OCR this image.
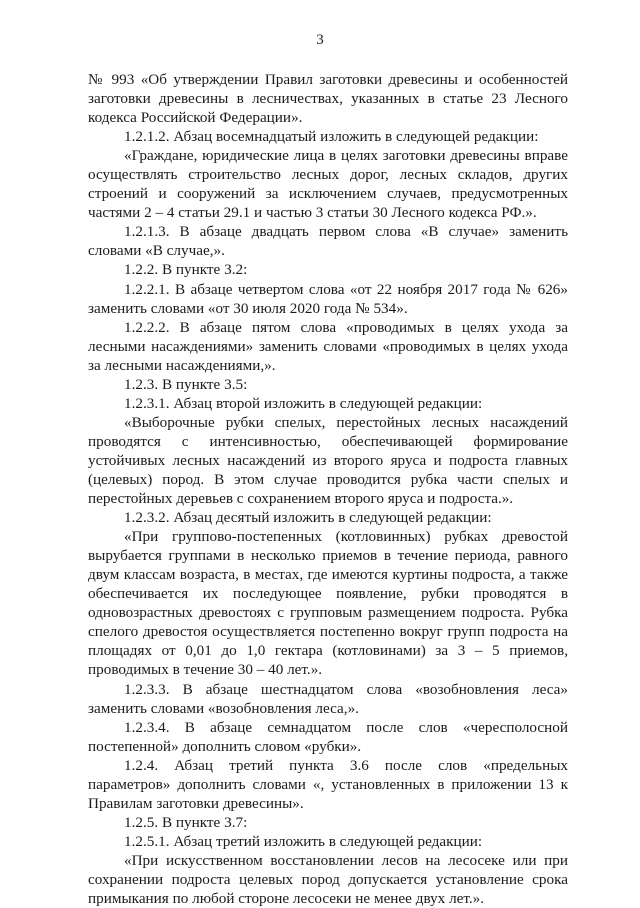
3

№ 993 «Об утверждении Правил заготовки древесины и особенностей заготовки древесины в лесничествах, указанных в статье 23 Лесного кодекса Российской Федерации».

1.2.1.2. Абзац восемнадцатый изложить в следующей редакции:

«Граждане, юридические лица в целях заготовки древесины вправе осуществлять строительство лесных дорог, лесных складов, других строений и сооружений за исключением случаев, предусмотренных частями 2 – 4 статьи 29.1 и частью 3 статьи 30 Лесного кодекса РФ.».

1.2.1.3. В абзаце двадцать первом слова «В случае» заменить словами «В случае,».

1.2.2. В пункте 3.2:

1.2.2.1. В абзаце четвертом слова «от 22 ноября 2017 года № 626» заменить словами «от 30 июля 2020 года № 534».

1.2.2.2. В абзаце пятом слова «проводимых в целях ухода за лесными насаждениями» заменить словами «проводимых в целях ухода за лесными насаждениями,».

1.2.3. В пункте 3.5:

1.2.3.1. Абзац второй изложить в следующей редакции:

«Выборочные рубки спелых, перестойных лесных насаждений проводятся с интенсивностью, обеспечивающей формирование устойчивых лесных насаждений из второго яруса и подроста главных (целевых) пород. В этом случае проводится рубка части спелых и перестойных деревьев с сохранением второго яруса и подроста.».

1.2.3.2. Абзац десятый изложить в следующей редакции:

«При группово-постепенных (котловинных) рубках древостой вырубается группами в несколько приемов в течение периода, равного двум классам возраста, в местах, где имеются куртины подроста, а также обеспечивается их последующее появление, рубки проводятся в одновозрастных древостоях с групповым размещением подроста. Рубка спелого древостоя осуществляется постепенно вокруг групп подроста на площадях от 0,01 до 1,0 гектара (котловинами) за 3 – 5 приемов, проводимых в течение 30 – 40 лет.».

1.2.3.3. В абзаце шестнадцатом слова «возобновления леса» заменить словами «возобновления леса,».

1.2.3.4. В абзаце семнадцатом после слов «чересполосной постепенной» дополнить словом «рубки».

1.2.4. Абзац третий пункта 3.6 после слов «предельных параметров» дополнить словами «, установленных в приложении 13 к Правилам заготовки древесины».

1.2.5. В пункте 3.7:

1.2.5.1. Абзац третий изложить в следующей редакции:

«При искусственном восстановлении лесов на лесосеке или при сохранении подроста целевых пород допускается установление срока примыкания по любой стороне лесосеки не менее двух лет.».
